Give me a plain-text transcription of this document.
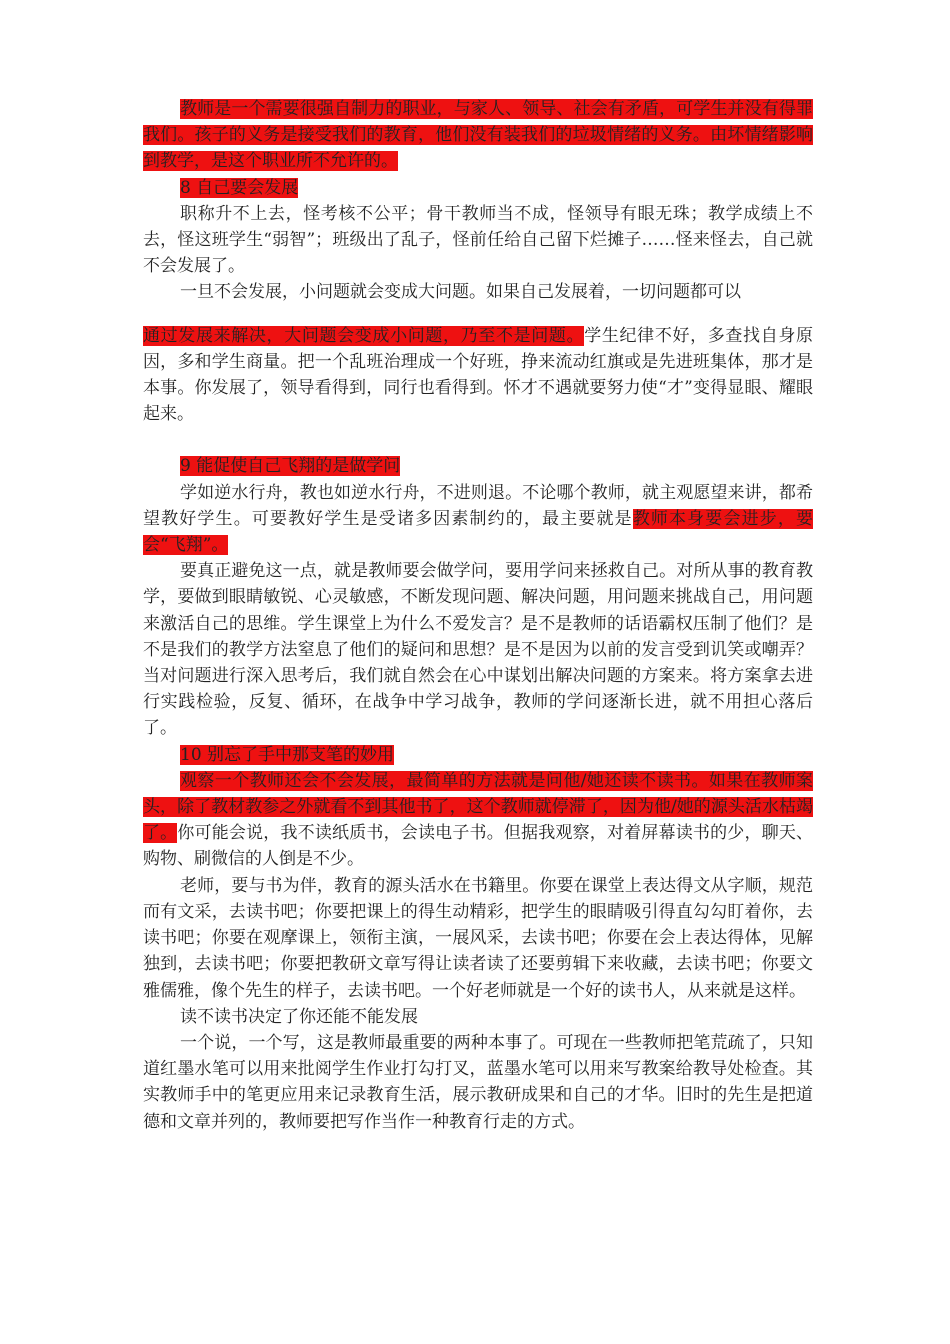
教师是一个需要很强自制力的职业，与家人、领导、社会有矛盾，可学生并没有得罪我们。孩子的义务是接受我们的教育，他们没有装我们的垃圾情绪的义务。由坏情绪影响到教学，是这个职业所不允许的。

8 自己要会发展

职称升不上去，怪考核不公平；骨干教师当不成，怪领导有眼无珠；教学成绩上不去，怪这班学生“弱智”；班级出了乱子，怪前任给自己留下烂摊子……怪来怪去，自己就不会发展了。

一旦不会发展，小问题就会变成大问题。如果自己发展着，一切问题都可以

通过发展来解决，大问题会变成小问题，乃至不是问题。学生纪律不好，多查找自身原因，多和学生商量。把一个乱班治理成一个好班，挣来流动红旗或是先进班集体，那才是本事。你发展了，领导看得到，同行也看得到。怀才不遇就要努力使“才”变得显眼、耀眼起来。

9 能促使自己飞翔的是做学问

学如逆水行舟，教也如逆水行舟，不进则退。不论哪个教师，就主观愿望来讲，都希望教好学生。可要教好学生是受诸多因素制约的，最主要就是教师本身要会进步，要会“飞翔”。

要真正避免这一点，就是教师要会做学问，要用学问来拯救自己。对所从事的教育教学，要做到眼睛敏锐、心灵敏感，不断发现问题、解决问题，用问题来挑战自己，用问题来激活自己的思维。学生课堂上为什么不爱发言？是不是教师的话语霸权压制了他们？是不是我们的教学方法窒息了他们的疑问和思想？是不是因为以前的发言受到讥笑或嘲弄？当对问题进行深入思考后，我们就自然会在心中谋划出解决问题的方案来。将方案拿去进行实践检验，反复、循环，在战争中学习战争，教师的学问逐渐长进，就不用担心落后了。

10 别忘了手中那支笔的妙用

观察一个教师还会不会发展，最简单的方法就是问他/她还读不读书。如果在教师案头，除了教材教参之外就看不到其他书了，这个教师就停滞了，因为他/她的源头活水枯竭了。你可能会说，我不读纸质书，会读电子书。但据我观察，对着屏幕读书的少，聊天、购物、刷微信的人倒是不少。

老师，要与书为伴，教育的源头活水在书籍里。你要在课堂上表达得文从字顺，规范而有文采，去读书吧；你要把课上的得生动精彩，把学生的眼睛吸引得直勾勾盯着你，去读书吧；你要在观摩课上，领衔主演，一展风采，去读书吧；你要在会上表达得体，见解独到，去读书吧；你要把教研文章写得让读者读了还要剪辑下来收藏，去读书吧；你要文雅儒雅，像个先生的样子，去读书吧。一个好老师就是一个好的读书人，从来就是这样。

读不读书决定了你还能不能发展

一个说，一个写，这是教师最重要的两种本事了。可现在一些教师把笔荒疏了，只知道红墨水笔可以用来批阅学生作业打勾打叉，蓝墨水笔可以用来写教案给教导处检查。其实教师手中的笔更应用来记录教育生活，展示教研成果和自己的才华。旧时的先生是把道德和文章并列的，教师要把写作当作一种教育行走的方式。
